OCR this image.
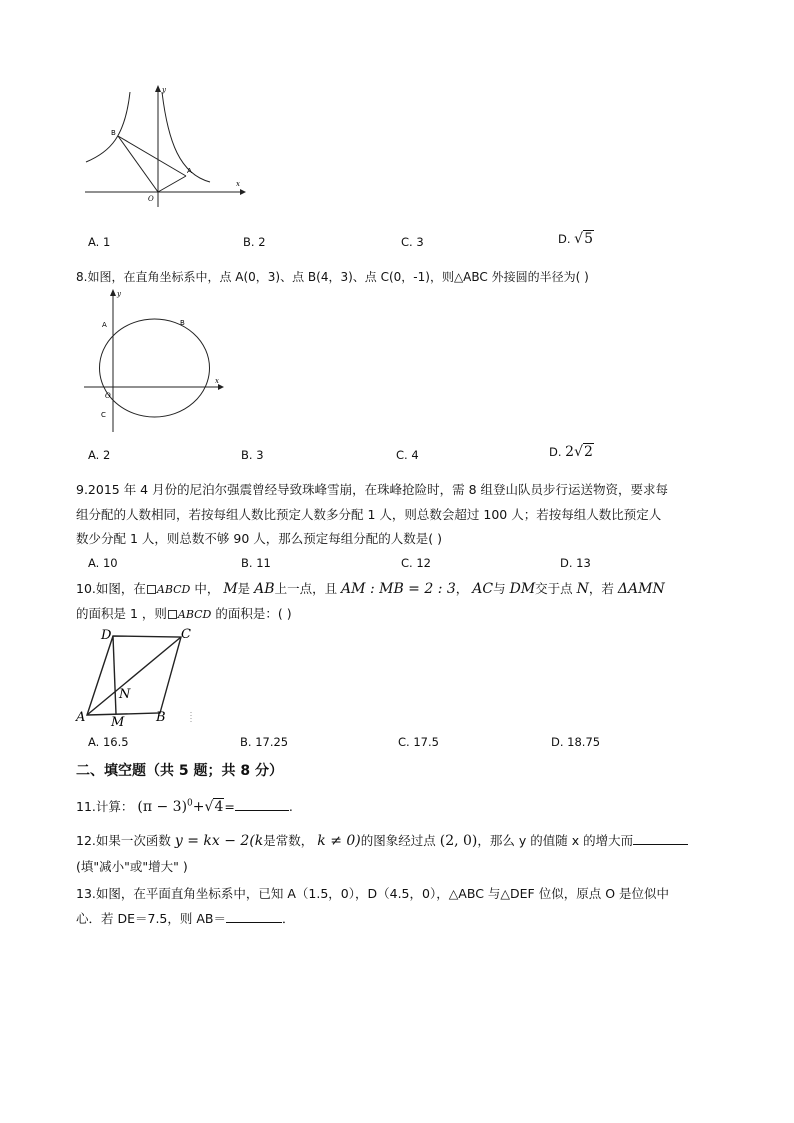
y
x
O
A
B
A. 1	B. 2	C. 3	D. √5
8.如图，在直角坐标系中，点 A(0，3)、点 B(4，3)、点 C(0，-1)，则△ABC 外接圆的半径为( )
y
x
O
A	B
C
A. 2	B. 3	C. 4	D. 2√2
9.2015 年 4 月份的尼泊尔强震曾经导致珠峰雪崩，在珠峰抢险时，需 8 组登山队员步行运送物资，要求每
组分配的人数相同，若按每组人数比预定人数多分配 1 人，则总数会超过 100 人；若按每组人数比预定人
数少分配 1 人，则总数不够 90 人，那么预定每组分配的人数是( )
A. 10	B. 11	C. 12	D. 13
10.如图，在 ABCD 中， M是 AB上一点，且 AM : MB = 2 : 3， AC与 DM交于点 N，若 ΔAMN
的面积是 1 ，则 ABCD 的面积是：( )
D	C
N
A M B
A. 16.5	B. 17.25	C. 17.5	D. 18.75
二、填空题（共 5 题；共 8 分）
11.计算： $(\pi - 3)^0+√4=$	.
12.如果一次函数 y = kx − 2(k是常数， k ≠ 0)的图象经过点 (2, 0)，那么 y 的值随 x 的增大而
(填"减小"或"增大" )
13.如图，在平面直角坐标系中，已知 A（1.5，0），D（4.5，0），△ABC 与△DEF 位似，原点 O 是位似中
心．若 DE＝7.5，则 AB＝	．
